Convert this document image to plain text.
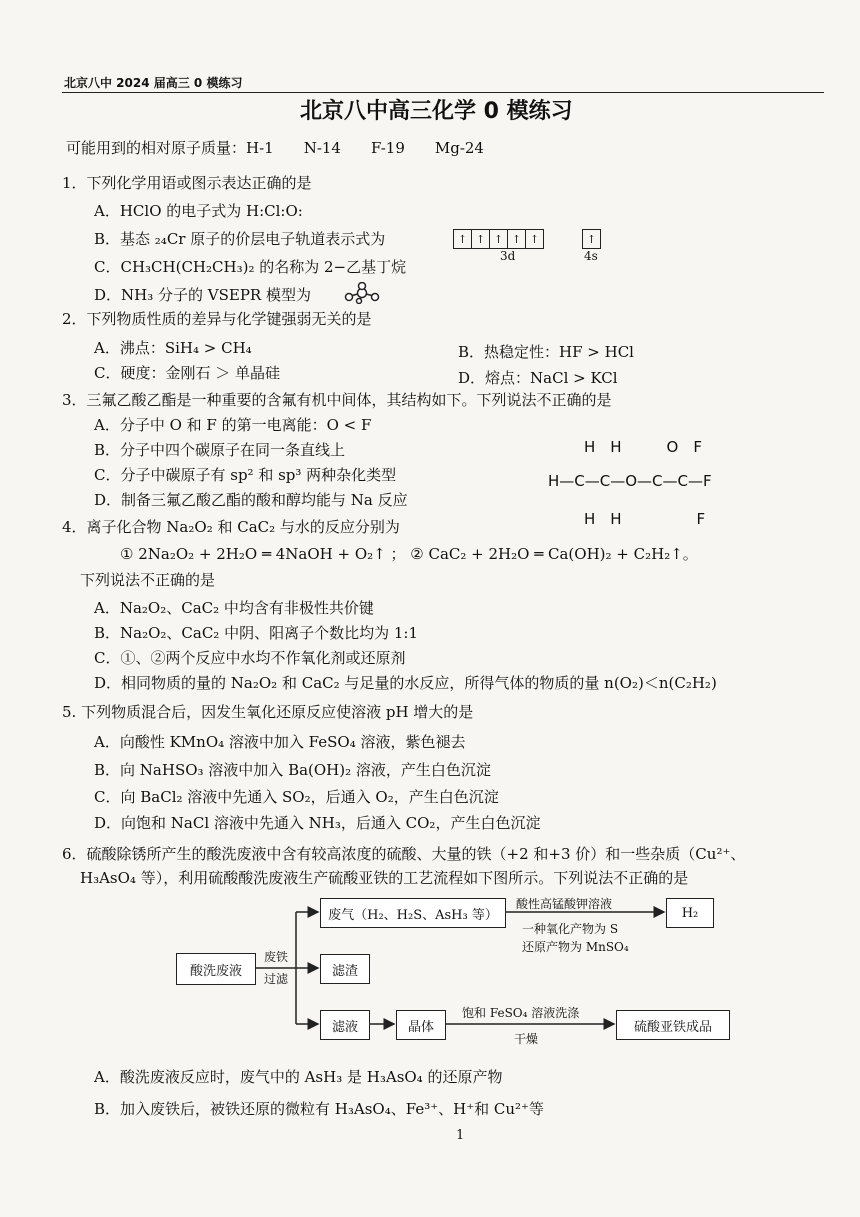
北京八中 2024 届高三 0 模练习
北京八中高三化学 0 模练习
可能用到的相对原子质量：H-1　　N-14　　F-19　　Mg-24
1．下列化学用语或图示表达正确的是
A．HClO 的电子式为 H:Cl:O:
B．基态 ₂₄Cr 原子的价层电子轨道表示式为	↑ ↑ ↑ ↑ ↑	↑
3d	4s
C．CH₃CH(CH₂CH₃)₂ 的名称为 2−乙基丁烷
D．NH₃ 分子的 VSEPR 模型为
2．下列物质性质的差异与化学键强弱无关的是
A．沸点：SiH₄ > CH₄	B．热稳定性：HF > HCl
C．硬度：金刚石 ＞ 单晶硅	D．熔点：NaCl > KCl
3．三氟乙酸乙酯是一种重要的含氟有机中间体，其结构如下。下列说法不正确的是
A．分子中 O 和 F 的第一电离能：O < F
B．分子中四个碳原子在同一条直线上
C．分子中碳原子有 sp² 和 sp³ 两种杂化类型
D．制备三氟乙酸乙酯的酸和醇均能与 Na 反应
H　H　　　O　F
H—C—C—O—C—C—F
H　H　　　　　F
4．离子化合物 Na₂O₂ 和 CaC₂ 与水的反应分别为
① 2Na₂O₂ + 2H₂O ═ 4NaOH + O₂↑ ； ② CaC₂ + 2H₂O ═ Ca(OH)₂ + C₂H₂↑。
下列说法不正确的是
A．Na₂O₂、CaC₂ 中均含有非极性共价键
B．Na₂O₂、CaC₂ 中阴、阳离子个数比均为 1:1
C．①、②两个反应中水均不作氧化剂或还原剂
D．相同物质的量的 Na₂O₂ 和 CaC₂ 与足量的水反应，所得气体的物质的量 n(O₂)＜n(C₂H₂)
5. 下列物质混合后，因发生氧化还原反应使溶液 pH 增大的是
A．向酸性 KMnO₄ 溶液中加入 FeSO₄ 溶液，紫色褪去
B．向 NaHSO₃ 溶液中加入 Ba(OH)₂ 溶液，产生白色沉淀
C．向 BaCl₂ 溶液中先通入 SO₂，后通入 O₂，产生白色沉淀
D．向饱和 NaCl 溶液中先通入 NH₃，后通入 CO₂，产生白色沉淀
6．硫酸除锈所产生的酸洗废液中含有较高浓度的硫酸、大量的铁（+2 和+3 价）和一些杂质（Cu²⁺、
H₃AsO₄ 等），利用硫酸酸洗废液生产硫酸亚铁的工艺流程如下图所示。下列说法不正确的是
酸洗废液
废铁
过滤
废气（H₂、H₂S、AsH₃ 等）
酸性高锰酸钾溶液
一种氧化产物为 S
还原产物为 MnSO₄
H₂
滤渣
滤液	晶体
饱和 FeSO₄ 溶液洗涤
干燥
硫酸亚铁成品
A．酸洗废液反应时，废气中的 AsH₃ 是 H₃AsO₄ 的还原产物
B．加入废铁后，被铁还原的微粒有 H₃AsO₄、Fe³⁺、H⁺和 Cu²⁺等
1
